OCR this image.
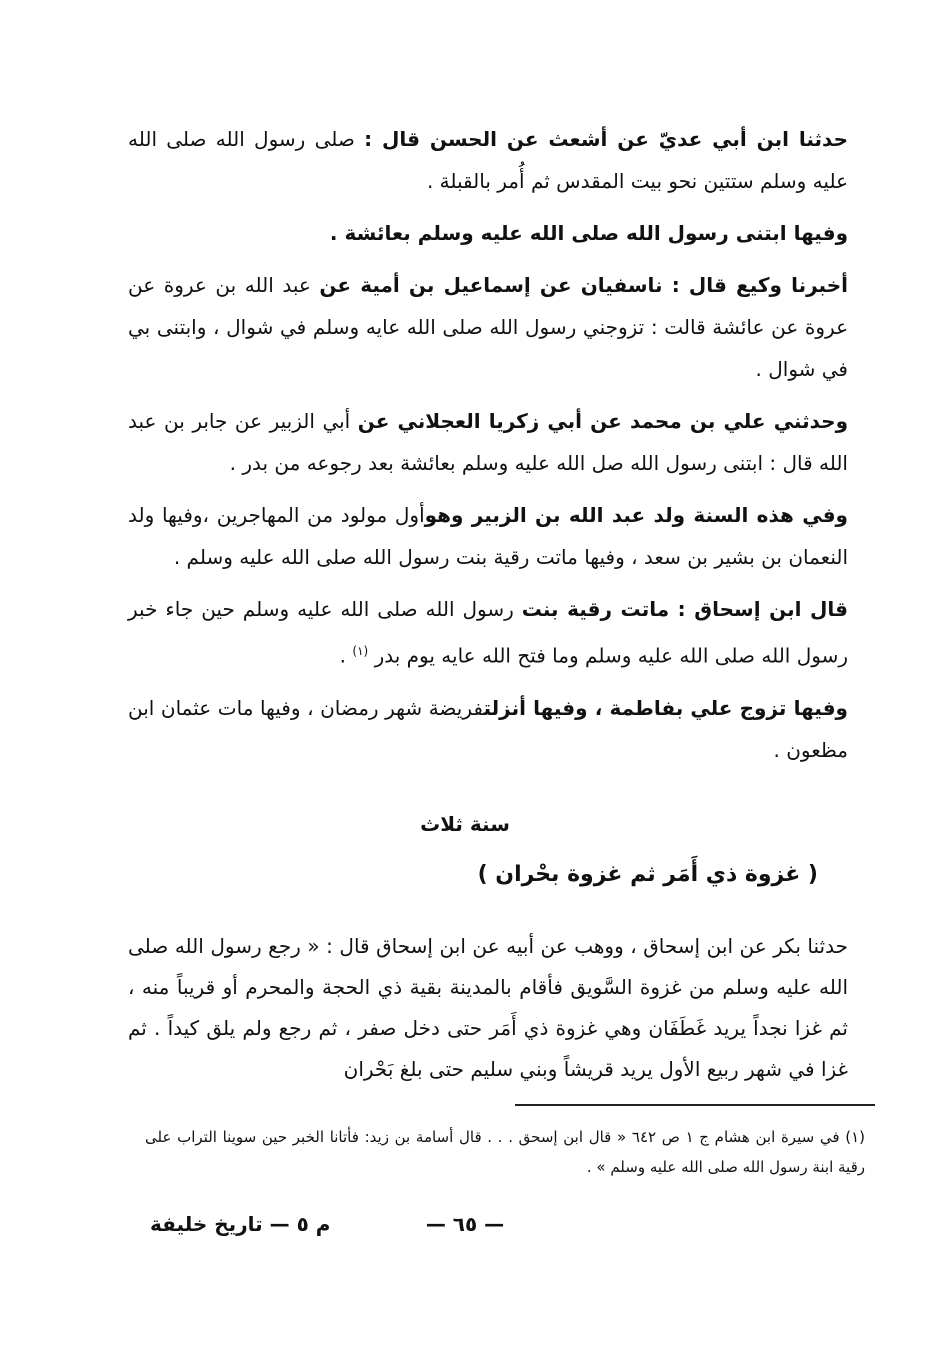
حدثنا ابن أبي عديّ عن أشعث عن الحسن قال : صلى رسول الله صلى الله عليه وسلم ستتين نحو بيت المقدس ثم أُمر بالقبلة .

وفيها ابتنى رسول الله صلى الله عليه وسلم بعائشة .

أخبرنا وكيع قال : ناسفيان عن إسماعيل بن أمية عن عبد الله بن عروة عن عروة عن عائشة قالت : تزوجني رسول الله صلى الله عايه وسلم في شوال ، وابتنى بي في شوال .

وحدثني علي بن محمد عن أبي زكريا العجلاني عن أبي الزبير عن جابر بن عبد الله قال : ابتنى رسول الله صل الله عليه وسلم بعائشة بعد رجوعه من بدر .

وفي هذه السنة ولد عبد الله بن الزبير وهوأول مولود من المهاجرين ،وفيها ولد النعمان بن بشير بن سعد ، وفيها ماتت رقية بنت رسول الله صلى الله عليه وسلم .

قال ابن إسحاق : ماتت رقية بنت رسول الله صلى الله عليه وسلم حين جاء خبر رسول الله صلى الله عليه وسلم وما فتح الله عايه يوم بدر $^{(١)}$ .

وفيها تزوج علي بفاطمة ، وفيها أنزلتفريضة شهر رمضان ، وفيها مات عثمان ابن مظعون .

سنة ثلاث
( غزوة ذي أَمَر ثم غزوة بحْران )
حدثنا بكر عن ابن إسحاق ، ووهب عن أبيه عن ابن إسحاق قال : « رجع رسول الله صلى الله عليه وسلم من غزوة السَّويق فأقام بالمدينة بقية ذي الحجة والمحرم أو قريباً منه ، ثم غزا نجداً يريد غَطَفَان وهي غزوة ذي أَمَر حتى دخل صفر ، ثم رجع ولم يلق كيداً . ثم غزا في شهر ربيع الأول يريد قريشاً وبني سليم حتى بلغ بَحْران
(١) في سيرة ابن هشام ج ١ ص ٦٤٢ « قال ابن إسحق . . . قال أسامة بن زيد: فأتانا الخبر حين سوينا التراب على رقية ابنة رسول الله صلى الله عليه وسلم » .
— ٦٥ —
م ٥ — تاريخ خليفة
